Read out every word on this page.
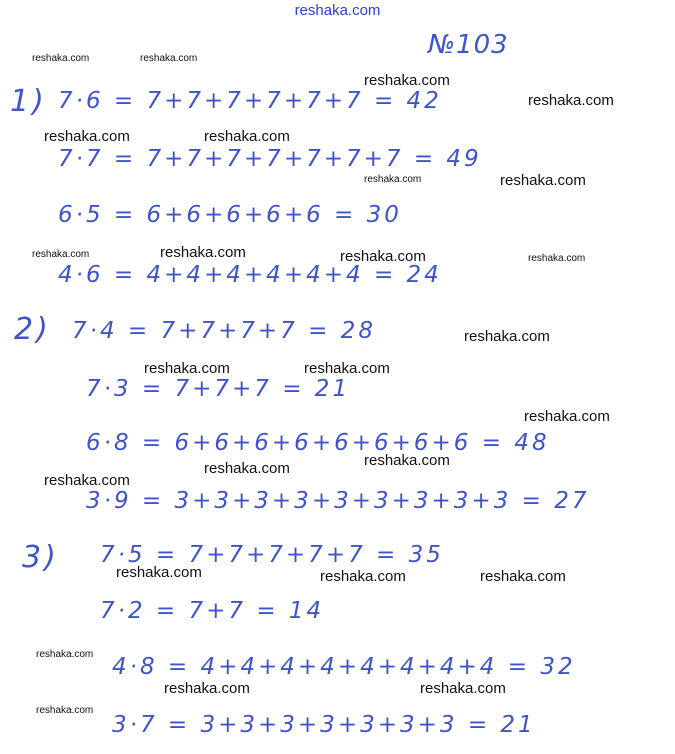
reshaka.com
№103
1) 7·6 = 7+7+7+7+7+7 = 42
7·7 = 7+7+7+7+7+7+7 = 49
6·5 = 6+6+6+6+6 = 30
4·6 = 4+4+4+4+4+4 = 24
2) 7·4 = 7+7+7+7 = 28
7·3 = 7+7+7 = 21
6·8 = 6+6+6+6+6+6+6+6 = 48
3·9 = 3+3+3+3+3+3+3+3+3 = 27
3) 7·5 = 7+7+7+7+7 = 35
7·2 = 7+7 = 14
4·8 = 4+4+4+4+4+4+4+4 = 32
3·7 = 3+3+3+3+3+3+3 = 21
reshaka.com	reshaka.com
reshaka.com
reshaka.com
reshaka.com	reshaka.com
reshaka.com	reshaka.com
reshaka.com	reshaka.com	reshaka.com	reshaka.com
reshaka.com
reshaka.com	reshaka.com
reshaka.com
reshaka.com
reshaka.com
reshaka.com
reshaka.com	reshaka.com	reshaka.com
reshaka.com
reshaka.com	reshaka.com
reshaka.com
